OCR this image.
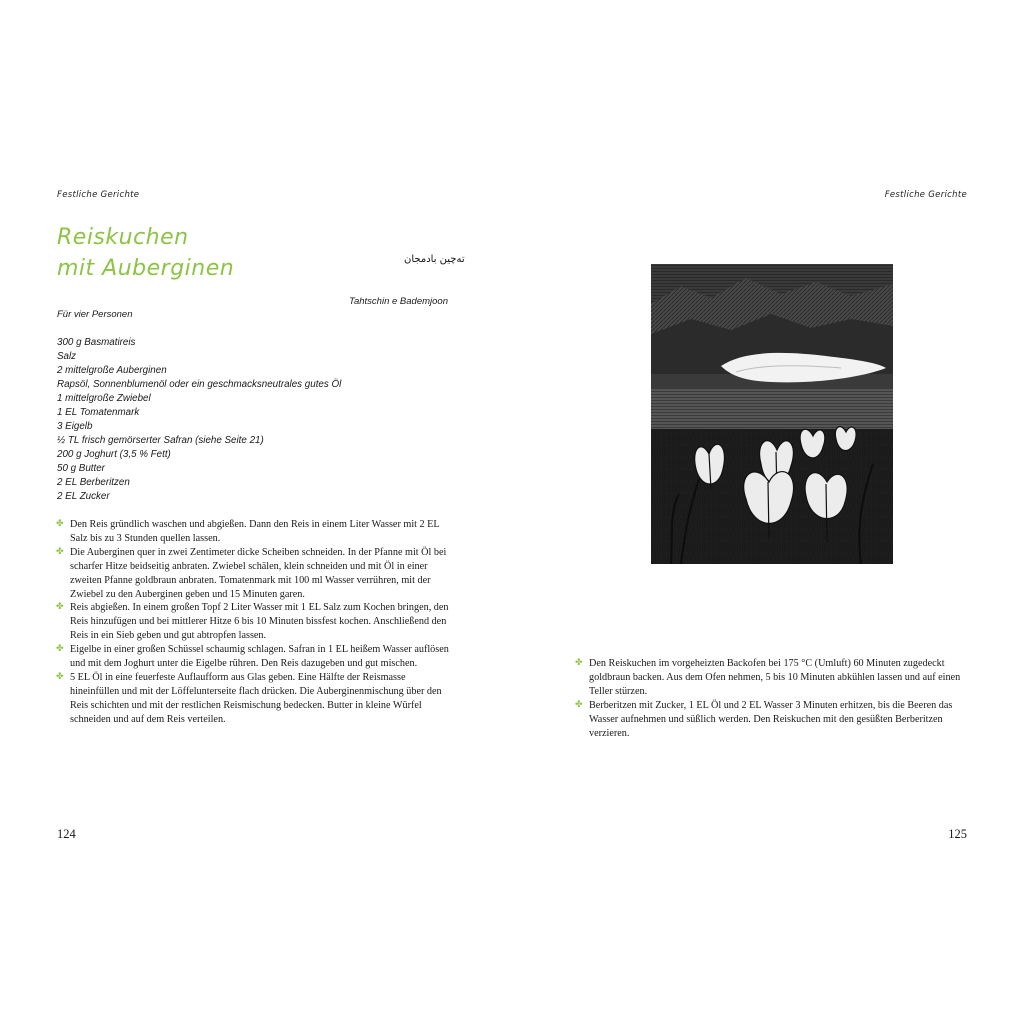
Festliche Gerichte
Reiskuchen
mit Auberginen	ته‌چین بادمجان
Tahtschin e Bademjoon
Für vier Personen
300 g Basmatireis
Salz
2 mittelgroße Auberginen
Rapsöl, Sonnenblumenöl oder ein geschmacksneutrales gutes Öl
1 mittelgroße Zwiebel
1 EL Tomatenmark
3 Eigelb
½ TL frisch gemörserter Safran (siehe Seite 21)
200 g Joghurt (3,5 % Fett)
50 g Butter
2 EL Berberitzen
2 EL Zucker
✤ Den Reis gründlich waschen und abgießen. Dann den Reis in einem Liter Wasser mit 2 EL Salz bis zu 3 Stunden quellen lassen.
✤ Die Auberginen quer in zwei Zentimeter dicke Scheiben schneiden. In der Pfanne mit Öl bei scharfer Hitze beidseitig anbraten. Zwiebel schälen, klein schneiden und mit Öl in einer zweiten Pfanne goldbraun anbraten. Tomatenmark mit 100 ml Wasser verrühren, mit der Zwiebel zu den Auberginen geben und 15 Minuten garen.
✤ Reis abgießen. In einem großen Topf 2 Liter Wasser mit 1 EL Salz zum Kochen bringen, den Reis hinzufügen und bei mittlerer Hitze 6 bis 10 Minuten bissfest kochen. Anschließend den Reis in ein Sieb geben und gut abtropfen lassen.
✤ Eigelbe in einer großen Schüssel schaumig schlagen. Safran in 1 EL heißem Wasser auflösen und mit dem Joghurt unter die Eigelbe rühren. Den Reis dazugeben und gut mischen.
✤ 5 EL Öl in eine feuerfeste Auflaufform aus Glas geben. Eine Hälfte der Reismasse hineinfüllen und mit der Löffelunterseite flach drücken. Die Auberginenmischung über den Reis schichten und mit der restlichen Reismischung bedecken. Butter in kleine Würfel schneiden und auf dem Reis verteilen.
124
Festliche Gerichte
✤ Den Reiskuchen im vorgeheizten Backofen bei 175 °C (Umluft) 60 Minuten zugedeckt goldbraun backen. Aus dem Ofen nehmen, 5 bis 10 Minuten abkühlen lassen und auf einen Teller stürzen.
✤ Berberitzen mit Zucker, 1 EL Öl und 2 EL Wasser 3 Minuten erhitzen, bis die Beeren das Wasser aufnehmen und süßlich werden. Den Reiskuchen mit den gesüßten Berberitzen verzieren.
125
